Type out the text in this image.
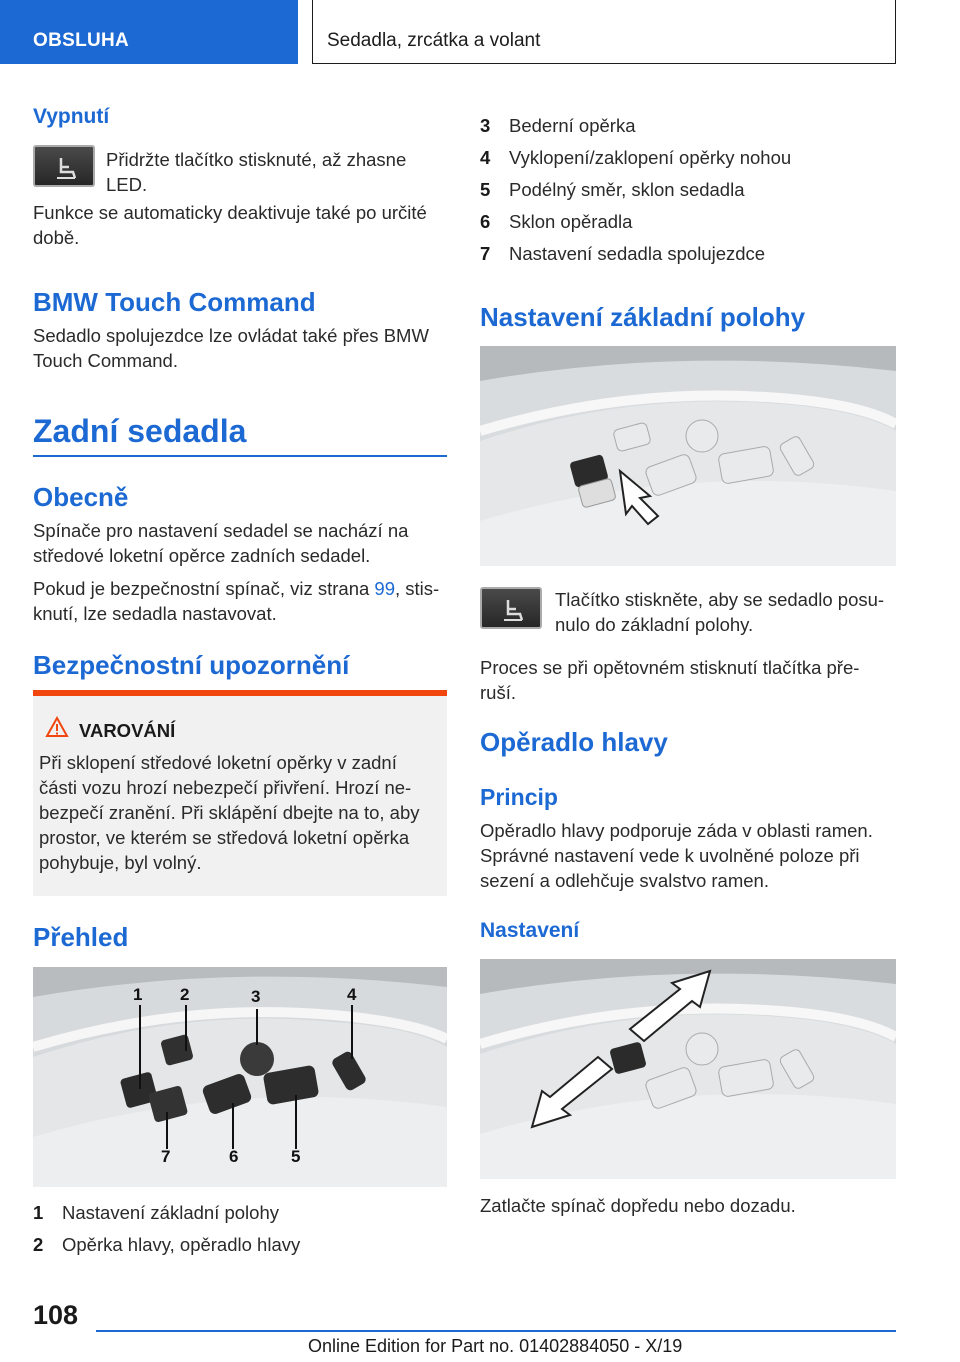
OBSLUHA	Sedadla, zrcátka a volant
Vypnutí
Přidržte tlačítko stisknuté, až zhasne
LED.
Funkce se automaticky deaktivuje také po určité
době.
BMW Touch Command
Sedadlo spolujezdce lze ovládat také přes BMW
Touch Command.
Zadní sedadla
Obecně
Spínače pro nastavení sedadel se nachází na
středové loketní opěrce zadních sedadel.
Pokud je bezpečnostní spínač, viz strana 99, stis-
knutí, lze sedadla nastavovat.
Bezpečnostní upozornění
VAROVÁNÍ
Při sklopení středové loketní opěrky v zadní
části vozu hrozí nebezpečí přivření. Hrozí ne-
bezpečí zranění. Při sklápění dbejte na to, aby
prostor, ve kterém se středová loketní opěrka
pohybuje, byl volný.
Přehled
1 2	3	4
7	6	5
1 Nastavení základní polohy
2 Opěrka hlavy, opěradlo hlavy
3 Bederní opěrka
4 Vyklopení/zaklopení opěrky nohou
5 Podélný směr, sklon sedadla
6 Sklon opěradla
7 Nastavení sedadla spolujezdce
Nastavení základní polohy
Tlačítko stiskněte, aby se sedadlo posu-
nulo do základní polohy.
Proces se při opětovném stisknutí tlačítka pře-
ruší.
Opěradlo hlavy
Princip
Opěradlo hlavy podporuje záda v oblasti ramen.
Správné nastavení vede k uvolněné poloze při
sezení a odlehčuje svalstvo ramen.
Nastavení
Zatlačte spínač dopředu nebo dozadu.
108
Online Edition for Part no. 01402884050 - X/19
